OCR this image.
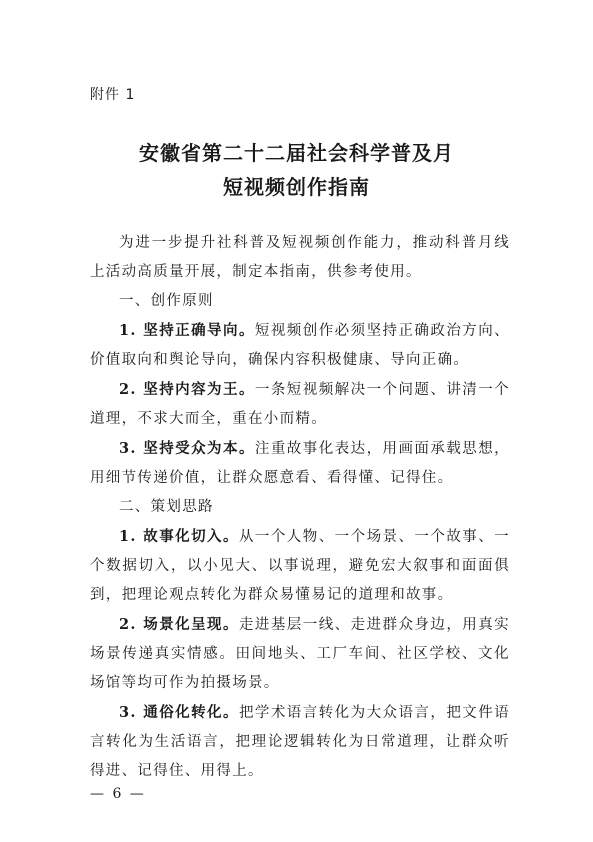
附件 1
安徽省第二十二届社会科学普及月
短视频创作指南

为进一步提升社科普及短视频创作能力，推动科普月线上活动高质量开展，制定本指南，供参考使用。

一、创作原则

1. 坚持正确导向。短视频创作必须坚持正确政治方向、价值取向和舆论导向，确保内容积极健康、导向正确。

2. 坚持内容为王。一条短视频解决一个问题、讲清一个道理，不求大而全，重在小而精。

3. 坚持受众为本。注重故事化表达，用画面承载思想，用细节传递价值，让群众愿意看、看得懂、记得住。

二、策划思路

1. 故事化切入。从一个人物、一个场景、一个故事、一个数据切入，以小见大、以事说理，避免宏大叙事和面面俱到，把理论观点转化为群众易懂易记的道理和故事。

2. 场景化呈现。走进基层一线、走进群众身边，用真实场景传递真实情感。田间地头、工厂车间、社区学校、文化场馆等均可作为拍摄场景。

3. 通俗化转化。把学术语言转化为大众语言，把文件语言转化为生活语言，把理论逻辑转化为日常道理，让群众听得进、记得住、用得上。

— 6 —
